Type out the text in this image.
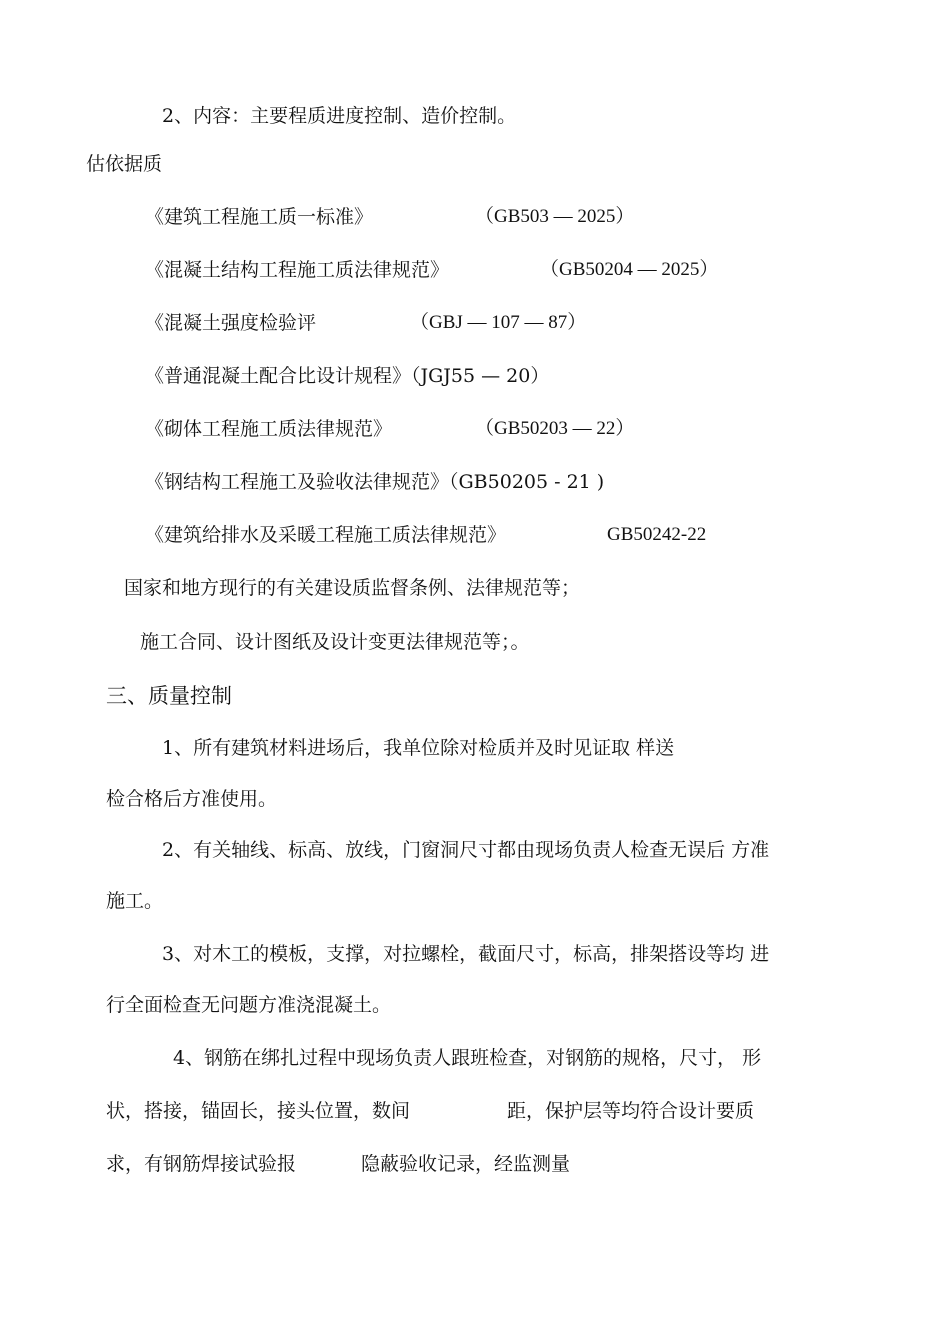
2、内容：主要程质进度控制、造价控制。
估依据质
《建筑工程施工质一标准》	（GB503 — 2025）
《混凝土结构工程施工质法律规范》	（GB50204 — 2025）
《混凝土强度检验评	（GBJ — 107 — 87）
《普通混凝土配合比设计规程》（JGJ55 — 20）
《砌体工程施工质法律规范》	（GB50203 — 22）
《钢结构工程施工及验收法律规范》（GB50205 - 21 )
《建筑给排水及采暖工程施工质法律规范》	GB50242-22
国家和地方现行的有关建设质监督条例、法律规范等；
施工合同、设计图纸及设计变更法律规范等；。
三、质量控制
1、所有建筑材料进场后，我单位除对检质并及时见证取 样送
检合格后方准使用。
2、有关轴线、标高、放线，门窗洞尺寸都由现场负责人检查无误后 方准
施工。
3、对木工的模板，支撑，对拉螺栓，截面尺寸，标高，排架搭设等均 进
行全面检查无问题方准浇混凝土。
4、钢筋在绑扎过程中现场负责人跟班检查，对钢筋的规格，尺寸， 形
状，搭接，锚固长，接头位置，数间	距，保护层等均符合设计要质
求，有钢筋焊接试验报	隐蔽验收记录，经监测量
